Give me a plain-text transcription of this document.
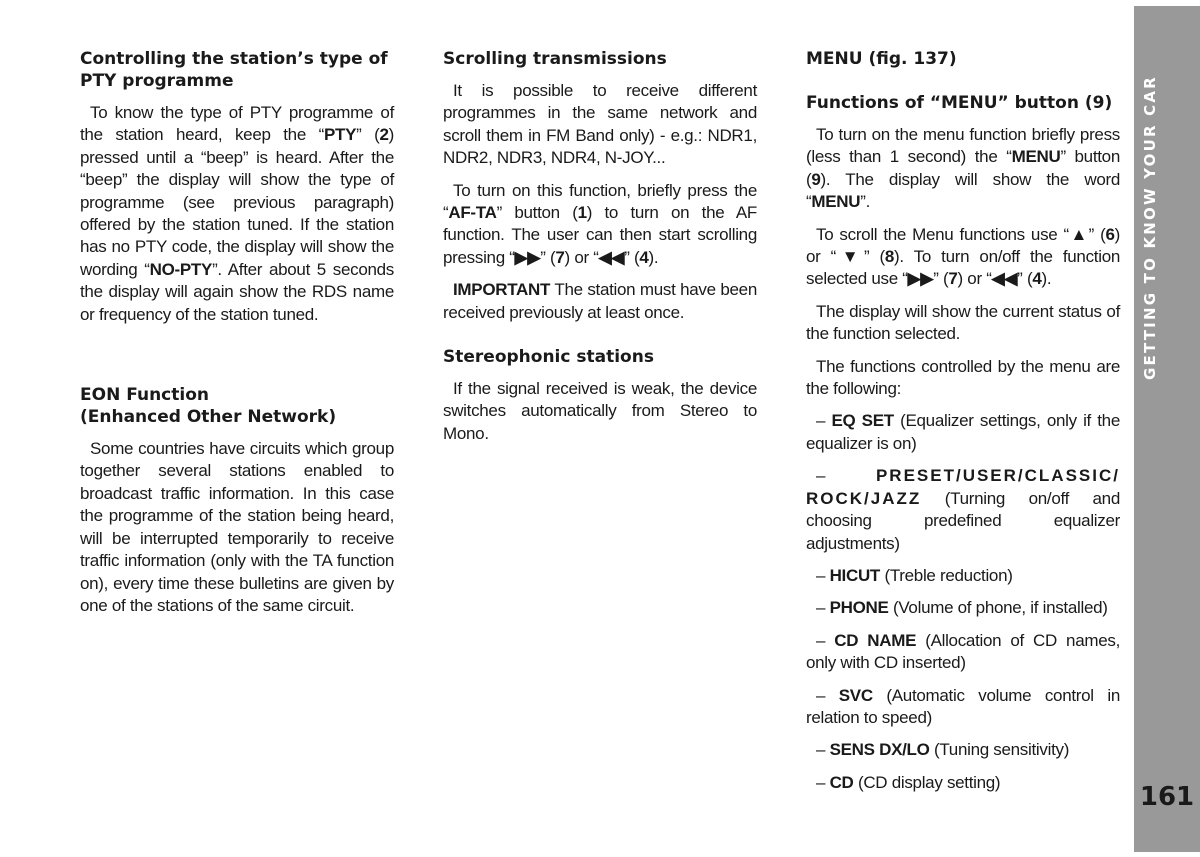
GETTING TO KNOW YOUR CAR
161
Controlling the station’s type of PTY programme

To know the type of PTY programme of the station heard, keep the “PTY” (2) pressed until a “beep” is heard. After the “beep” the display will show the type of programme (see previous paragraph) offered by the station tuned. If the station has no PTY code, the display will show the wording “NO-PTY”. After about 5 seconds the display will again show the RDS name or frequency of the station tuned.

EON Function
(Enhanced Other Network)

Some countries have circuits which group together several stations enabled to broadcast traffic information. In this case the programme of the station being heard, will be interrupted temporarily to receive traffic information (only with the TA function on), every time these bulletins are given by one of the stations of the same circuit.

Scrolling transmissions

It is possible to receive different programmes in the same network and scroll them in FM Band only) - e.g.: NDR1, NDR2, NDR3, NDR4, N-JOY...

To turn on this function, briefly press the “AF-TA” button (1) to turn on the AF function. The user can then start scrolling pressing “▶▶” (7) or “◀◀” (4).

IMPORTANT The station must have been received previously at least once.

Stereophonic stations

If the signal received is weak, the device switches automatically from Stereo to Mono.

MENU (fig. 137)
Functions of “MENU” button (9)

To turn on the menu function briefly press (less than 1 second) the “MENU” button (9). The display will show the word “MENU”.

To scroll the Menu functions use “▲” (6) or “▼” (8). To turn on/off the function selected use “▶▶” (7) or “◀◀” (4).

The display will show the current status of the function selected.

The functions controlled by the menu are the following:

– EQ SET (Equalizer settings, only if the equalizer is on)

– PRESET/USER/CLASSIC/ ROCK/JAZZ (Turning on/off and choosing predefined equalizer adjustments)

– HICUT (Treble reduction)

– PHONE (Volume of phone, if installed)

– CD NAME (Allocation of CD names, only with CD inserted)

– SVC (Automatic volume control in relation to speed)

– SENS DX/LO (Tuning sensitivity)

– CD (CD display setting)
